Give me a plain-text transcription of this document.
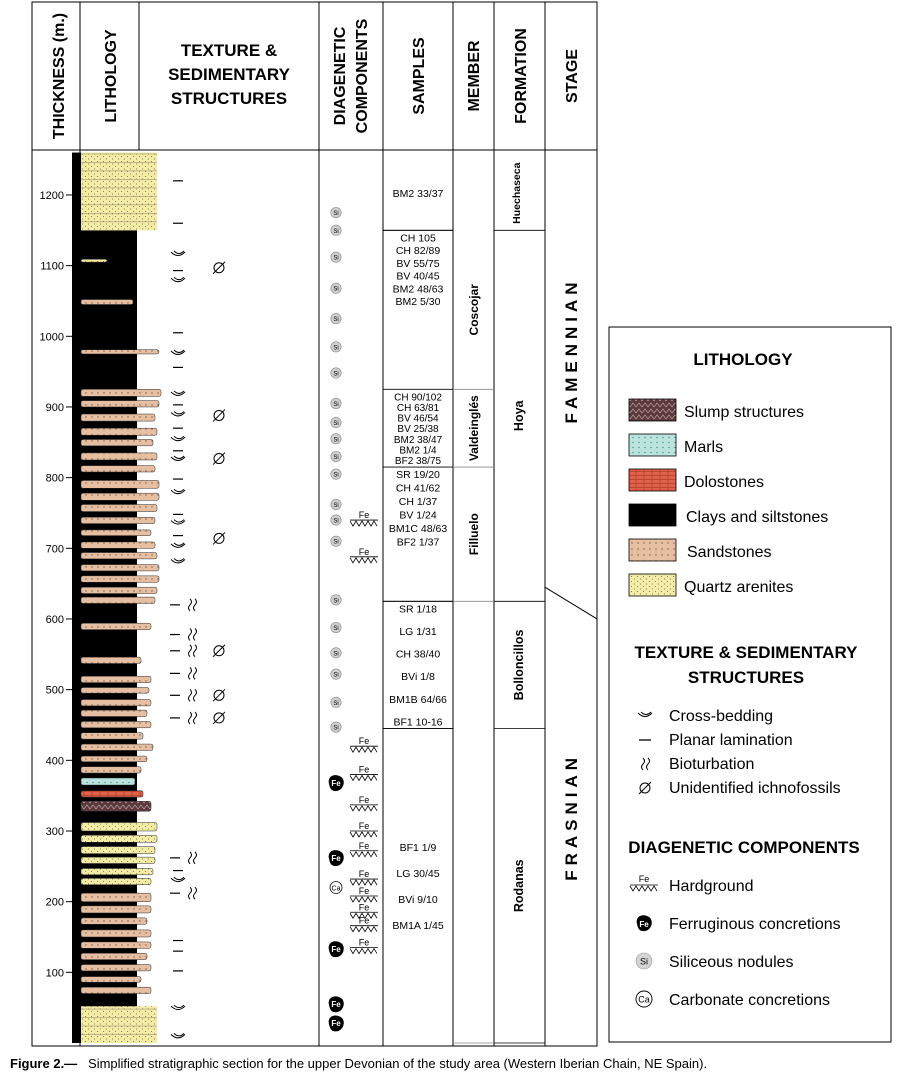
THICKNESS (m.) LITHOLOGY	TEXTURE &
SEDIMENTARY
STRUCTURES	DIAGENETIC COMPONENTS	SAMPLES MEMBER FORMATION STAGE
100
200
300
400
500
600
700
800
900
1000
1100
1200
Si
Si
Si
Si
Si
Si
Si
Si
Si
Si
Si
Si
Si
Si
Si
Si
Si
Si
Si
Si
Si
Fe
Fe
Fe
Fe
Fe
Fe
Fe
Fe
Fe
Fe
Fe
Fe
Fe
Fe
Fe
Fe
Fe
Ca
BM2 33/37
CH 105
CH 82/89
BV 55/75
BV 40/45
BM2 48/63
BM2 5/30
CH 90/102
CH 63/81
BV 46/54
BV 25/38
BM2 38/47
BM2 1/4
BF2 38/75
SR 19/20
CH 41/62
CH 1/37
BV 1/24
BM1C 48/63
BF2 1/37
SR 1/18
LG 1/31
CH 38/40
BVi 1/8
BM1B 64/66
BF1 10-16
BF1 1/9
LG 30/45
BVi 9/10
BM1A 1/45
Coscojar
Valdeinglés
Filluelo
Huechaseca
Hoya
Bolloncillos
Rodanas
FAMENNIAN
FRASNIAN
LITHOLOGY
Slump structures
Marls
Dolostones
Clays and siltstones
Sandstones
Quartz arenites
TEXTURE & SEDIMENTARY
STRUCTURES
Cross-bedding
Planar lamination
Bioturbation
Unidentified ichnofossils
DIAGENETIC COMPONENTS
Fe Hardground
Fe Ferruginous concretions
Si Siliceous nodules
Ca Carbonate concretions
Figure 2.— Simplified stratigraphic section for the upper Devonian of the study area (Western Iberian Chain, NE Spain).
